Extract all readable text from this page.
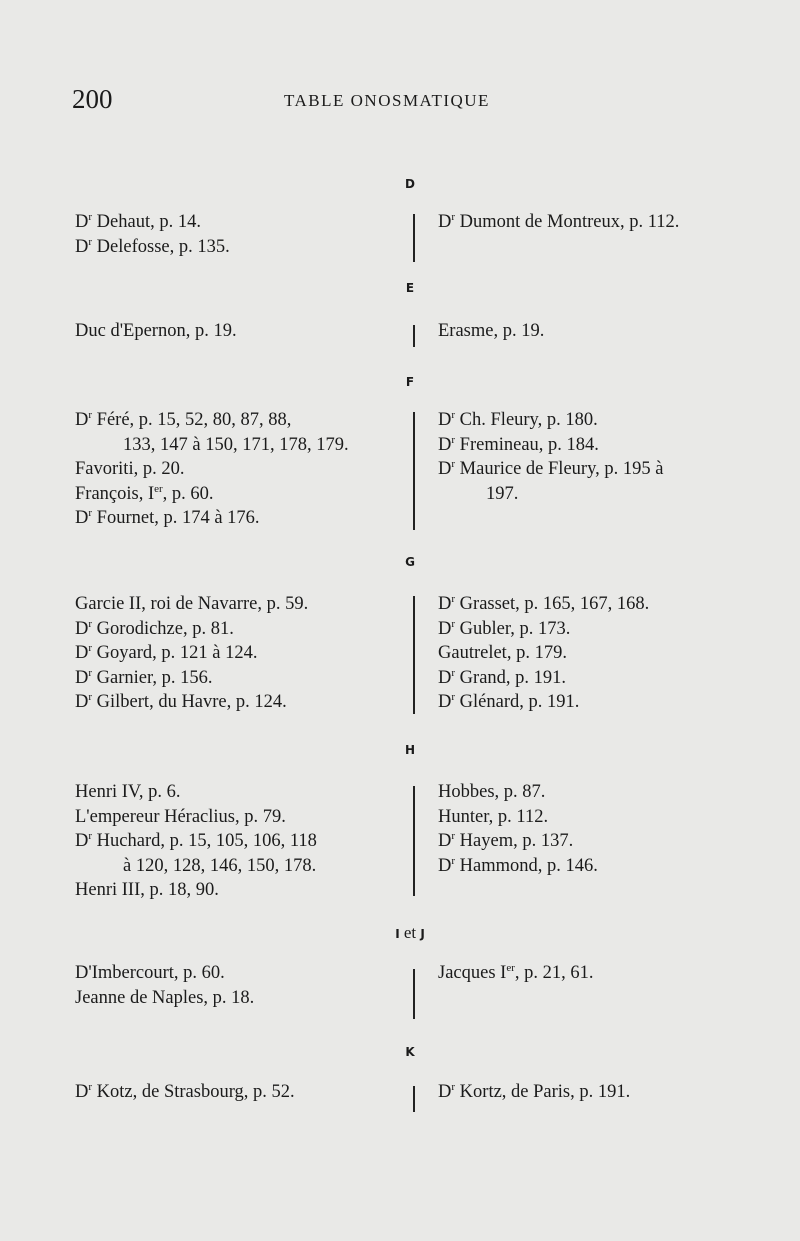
200	TABLE ONOSMATIQUE
D
$D^r$ Dehaut, p. 14.
$D^r$ Delefosse, p. 135.
$D^r$ Dumont de Montreux, p. 112.
E
Duc d'Epernon, p. 19.	Erasme, p. 19.
F
$D^r$ Féré, p. 15, 52, 80, 87, 88,
133, 147 à 150, 171, 178, 179.
Favoriti, p. 20.
François, Ier, p. 60.
$D^r$ Fournet, p. 174 à 176.
$D^r$ Ch. Fleury, p. 180.
$D^r$ Fremineau, p. 184.
$D^r$ Maurice de Fleury, p. 195 à
197.
G
Garcie II, roi de Navarre, p. 59.
$D^r$ Gorodichze, p. 81.
$D^r$ Goyard, p. 121 à 124.
$D^r$ Garnier, p. 156.
$D^r$ Gilbert, du Havre, p. 124.
$D^r$ Grasset, p. 165, 167, 168.
$D^r$ Gubler, p. 173.
Gautrelet, p. 179.
$D^r$ Grand, p. 191.
$D^r$ Glénard, p. 191.
H
Henri IV, p. 6.
L'empereur Héraclius, p. 79.
$D^r$ Huchard, p. 15, 105, 106, 118
à 120, 128, 146, 150, 178.
Henri III, p. 18, 90.
Hobbes, p. 87.
Hunter, p. 112.
$D^r$ Hayem, p. 137.
$D^r$ Hammond, p. 146.
I et J
D'Imbercourt, p. 60.
Jeanne de Naples, p. 18.
Jacques Ier, p. 21, 61.
K
$D^r$ Kotz, de Strasbourg, p. 52.	$D^r$ Kortz, de Paris, p. 191.
